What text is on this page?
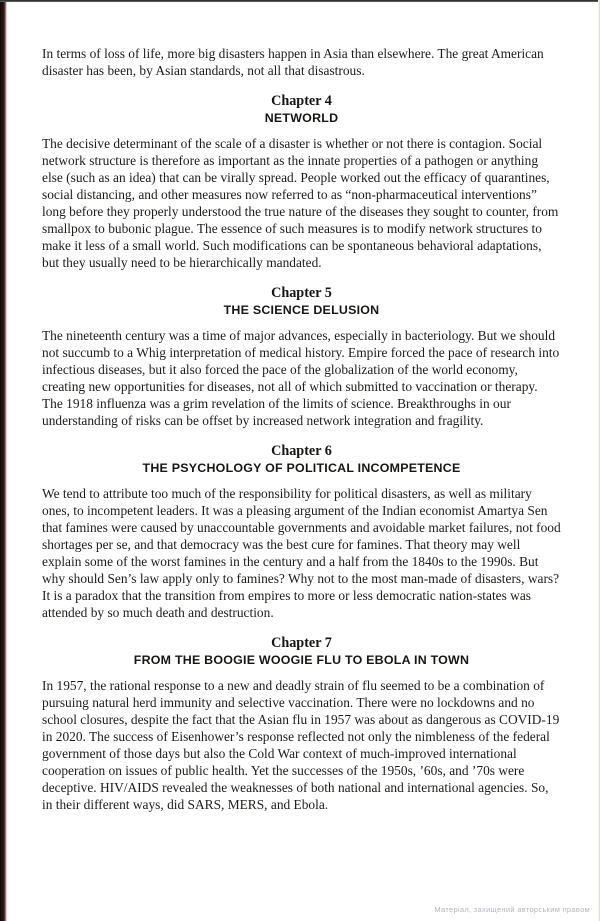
In terms of loss of life, more big disasters happen in Asia than elsewhere. The great American disaster has been, by Asian standards, not all that disastrous.

Chapter 4
NETWORLD

The decisive determinant of the scale of a disaster is whether or not there is contagion. Social network structure is therefore as important as the innate properties of a pathogen or anything else (such as an idea) that can be virally spread. People worked out the efficacy of quarantines, social distancing, and other measures now referred to as “non-pharmaceutical interventions” long before they properly understood the true nature of the diseases they sought to counter, from smallpox to bubonic plague. The essence of such measures is to modify network structures to make it less of a small world. Such modifications can be spontaneous behavioral adaptations, but they usually need to be hierarchically mandated.

Chapter 5
THE SCIENCE DELUSION

The nineteenth century was a time of major advances, especially in bacteriology. But we should not succumb to a Whig interpretation of medical history. Empire forced the pace of research into infectious diseases, but it also forced the pace of the globalization of the world economy, creating new opportunities for diseases, not all of which submitted to vaccination or therapy. The 1918 influenza was a grim revelation of the limits of science. Breakthroughs in our understanding of risks can be offset by increased network integration and fragility.

Chapter 6
THE PSYCHOLOGY OF POLITICAL INCOMPETENCE

We tend to attribute too much of the responsibility for political disasters, as well as military ones, to incompetent leaders. It was a pleasing argument of the Indian economist Amartya Sen that famines were caused by unaccountable governments and avoidable market failures, not food shortages per se, and that democracy was the best cure for famines. That theory may well explain some of the worst famines in the century and a half from the 1840s to the 1990s. But why should Sen’s law apply only to famines? Why not to the most man-made of disasters, wars? It is a paradox that the transition from empires to more or less democratic nation-states was attended by so much death and destruction.

Chapter 7
FROM THE BOOGIE WOOGIE FLU TO EBOLA IN TOWN

In 1957, the rational response to a new and deadly strain of flu seemed to be a combination of pursuing natural herd immunity and selective vaccination. There were no lockdowns and no school closures, despite the fact that the Asian flu in 1957 was about as dangerous as COVID-19 in 2020. The success of Eisenhower’s response reflected not only the nimbleness of the federal government of those days but also the Cold War context of much-improved international cooperation on issues of public health. Yet the successes of the 1950s, ’60s, and ’70s were deceptive. HIV/AIDS revealed the weaknesses of both national and international agencies. So, in their different ways, did SARS, MERS, and Ebola.

Матеріал, захищений авторським правом
